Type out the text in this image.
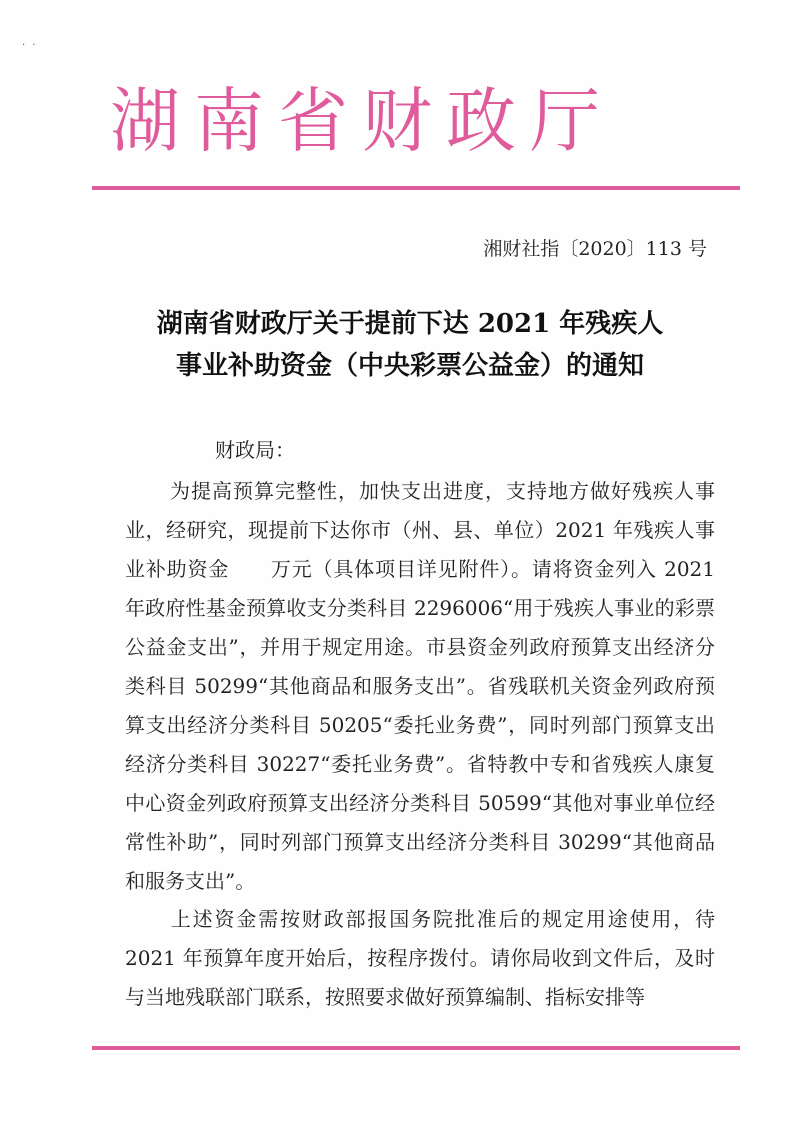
· ·
湖南省财政厅
湘财社指〔2020〕113 号
湖南省财政厅关于提前下达 2021 年残疾人
事业补助资金（中央彩票公益金）的通知
财政局：
为提高预算完整性，加快支出进度，支持地方做好残疾人事业，经研究，现提前下达你市（州、县、单位）2021 年残疾人事业补助资金　　万元（具体项目详见附件）。请将资金列入 2021 年政府性基金预算收支分类科目 2296006“用于残疾人事业的彩票公益金支出”，并用于规定用途。市县资金列政府预算支出经济分类科目 50299“其他商品和服务支出”。省残联机关资金列政府预算支出经济分类科目 50205“委托业务费”，同时列部门预算支出经济分类科目 30227“委托业务费”。省特教中专和省残疾人康复中心资金列政府预算支出经济分类科目 50599“其他对事业单位经常性补助”，同时列部门预算支出经济分类科目 30299“其他商品和服务支出”。
上述资金需按财政部报国务院批准后的规定用途使用，待 2021 年预算年度开始后，按程序拨付。请你局收到文件后，及时与当地残联部门联系，按照要求做好预算编制、指标安排等
